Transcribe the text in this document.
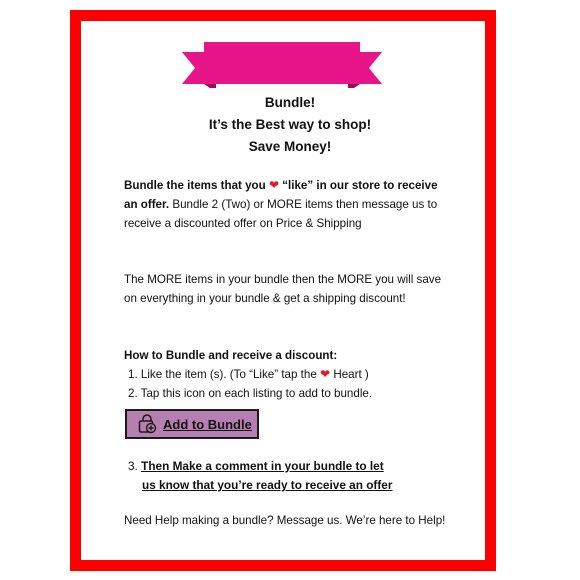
Bundle!
It’s the Best way to shop!
Save Money!
Bundle the items that you ❤ “like” in our store to receive an offer. Bundle 2 (Two) or MORE items then message us to receive a discounted offer on Price & Shipping
The MORE items in your bundle then the MORE you will save on everything in your bundle & get a shipping discount!
How to Bundle and receive a discount:
1. Like the item (s). (To “Like” tap the ❤ Heart )
2. Tap this icon on each listing to add to bundle.
Add to Bundle
3. Then Make a comment in your bundle to let
us know that you’re ready to receive an offer
Need Help making a bundle? Message us. We’re here to Help!
